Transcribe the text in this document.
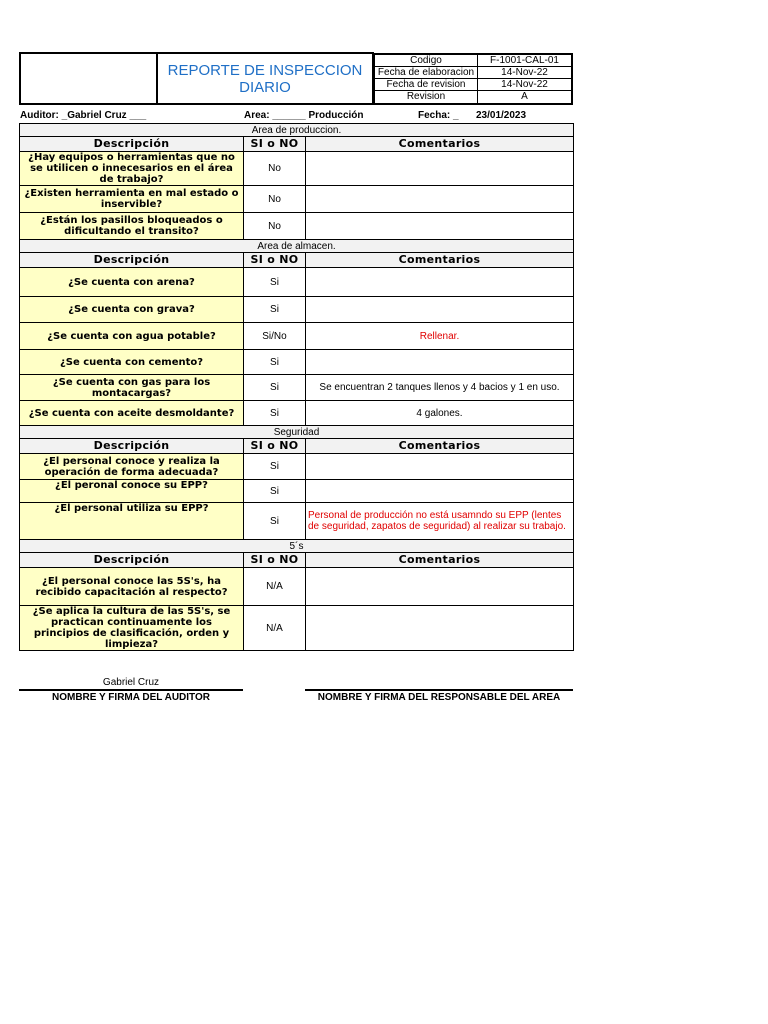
	REPORTE DE INSPECCION DIARIO	
Codigo	F-1001-CAL-01
Fecha de elaboracion	14-Nov-22
Fecha de revision	14-Nov-22
Revision	A
Auditor: _Gabriel Cruz ___	Area: ______ Producción	Fecha: _ 23/01/2023
Area de produccion.		
Descripción	SI o NO	Comentarios
¿Hay equipos o herramientas que no se utilicen o innecesarios en el área de trabajo?	No	
¿Existen herramienta en mal estado o inservible?	No	
¿Están los pasillos bloqueados o dificultando el transito?	No	
Area de almacen.		
Descripción	SI o NO	Comentarios
¿Se cuenta con arena?	Si	
¿Se cuenta con grava?	Si	
¿Se cuenta con agua potable?	Si/No	Rellenar.
¿Se cuenta con cemento?	Si	
¿Se cuenta con gas para los montacargas?	Si	Se encuentran 2 tanques llenos y 4 bacios y 1 en uso.
¿Se cuenta con aceite desmoldante?	Si	4 galones.
Seguridad		
Descripción	SI o NO	Comentarios
¿El personal conoce y realiza la operación de forma adecuada?	Si	
¿El peronal conoce su EPP?	Si	
¿El personal utiliza su EPP?	Si	Personal de producción no está usamndo su EPP (lentes de seguridad, zapatos de seguridad) al realizar su trabajo.
5´s		
Descripción	SI o NO	Comentarios
¿El personal conoce las 5S's, ha recibido capacitación al respecto?	N/A	
¿Se aplica la cultura de las 5S's, se practican continuamente los principios de clasificación, orden y limpieza?	N/A	
Gabriel Cruz
NOMBRE Y FIRMA DEL AUDITOR	NOMBRE Y FIRMA DEL RESPONSABLE DEL AREA
